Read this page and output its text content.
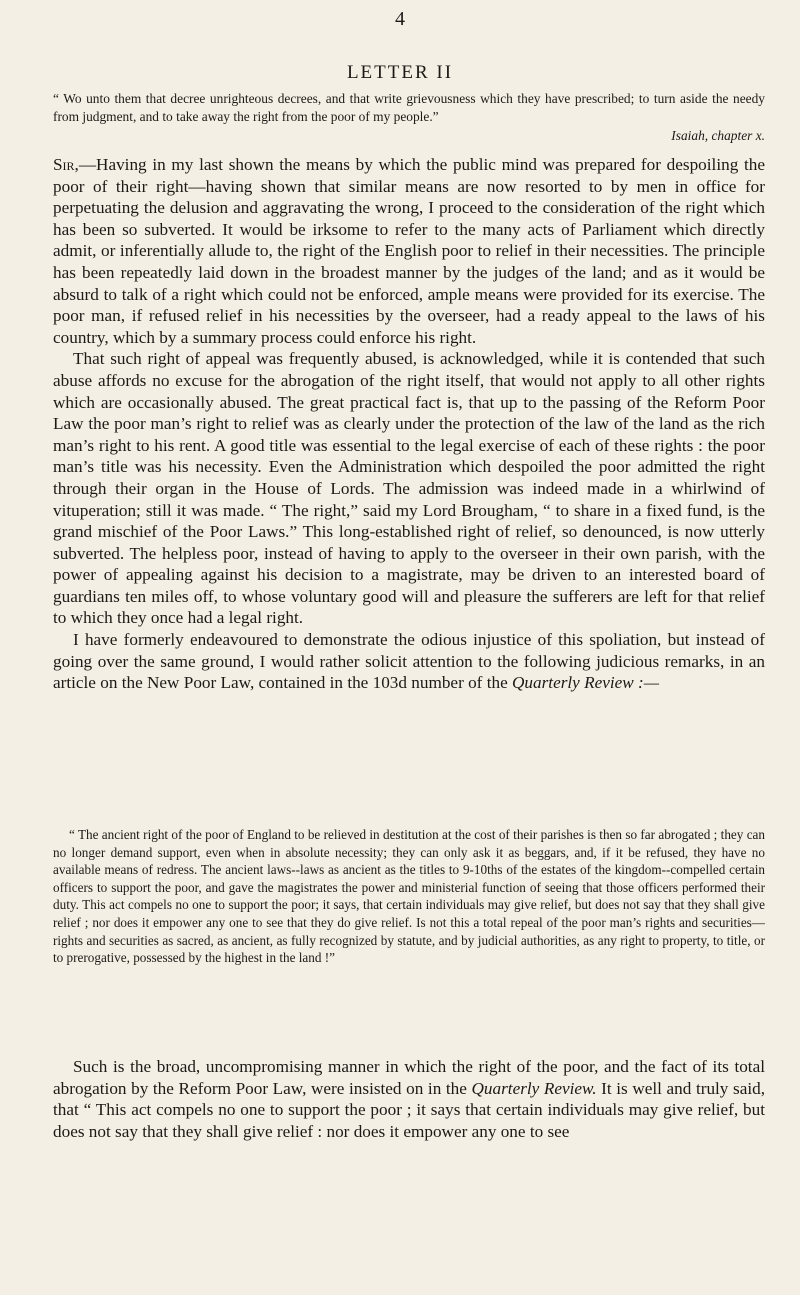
4
LETTER II
“ Wo unto them that decree unrighteous decrees, and that write grievousness which they have prescribed; to turn aside the needy from judgment, and to take away the right from the poor of my people.”
Isaiah, chapter x.

Sir,—Having in my last shown the means by which the public mind was prepared for despoiling the poor of their right—having shown that similar means are now resorted to by men in office for perpetuating the delusion and aggravating the wrong, I proceed to the consideration of the right which has been so subverted. It would be irksome to refer to the many acts of Parliament which directly admit, or inferentially allude to, the right of the English poor to relief in their necessities. The principle has been repeatedly laid down in the broadest manner by the judges of the land; and as it would be absurd to talk of a right which could not be enforced, ample means were provided for its exercise. The poor man, if refused relief in his necessities by the overseer, had a ready appeal to the laws of his country, which by a summary process could enforce his right.

That such right of appeal was frequently abused, is acknowledged, while it is contended that such abuse affords no excuse for the abrogation of the right itself, that would not apply to all other rights which are occasionally abused. The great practical fact is, that up to the passing of the Reform Poor Law the poor man’s right to relief was as clearly under the protection of the law of the land as the rich man’s right to his rent. A good title was essential to the legal exercise of each of these rights : the poor man’s title was his necessity. Even the Administration which despoiled the poor admitted the right through their organ in the House of Lords. The admission was indeed made in a whirlwind of vituperation; still it was made. “ The right,” said my Lord Brougham, “ to share in a fixed fund, is the grand mischief of the Poor Laws.” This long-established right of relief, so denounced, is now utterly subverted. The helpless poor, instead of having to apply to the overseer in their own parish, with the power of appealing against his decision to a magistrate, may be driven to an interested board of guardians ten miles off, to whose voluntary good will and pleasure the sufferers are left for that relief to which they once had a legal right.

I have formerly endeavoured to demonstrate the odious injustice of this spoliation, but instead of going over the same ground, I would rather solicit attention to the following judicious remarks, in an article on the New Poor Law, contained in the 103d number of the Quarterly Review :—

“ The ancient right of the poor of England to be relieved in destitution at the cost of their parishes is then so far abrogated ; they can no longer demand support, even when in absolute necessity; they can only ask it as beggars, and, if it be refused, they have no available means of redress. The ancient laws--laws as ancient as the titles to 9-10ths of the estates of the kingdom--compelled certain officers to support the poor, and gave the magistrates the power and ministerial function of seeing that those officers performed their duty. This act compels no one to support the poor; it says, that certain individuals may give relief, but does not say that they shall give relief ; nor does it empower any one to see that they do give relief. Is not this a total repeal of the poor man’s rights and securities—rights and securities as sacred, as ancient, as fully recognized by statute, and by judicial authorities, as any right to property, to title, or to prerogative, possessed by the highest in the land !”
Such is the broad, uncompromising manner in which the right of the poor, and the fact of its total abrogation by the Reform Poor Law, were insisted on in the Quarterly Review. It is well and truly said, that “ This act compels no one to support the poor ; it says that certain individuals may give relief, but does not say that they shall give relief : nor does it empower any one to see
